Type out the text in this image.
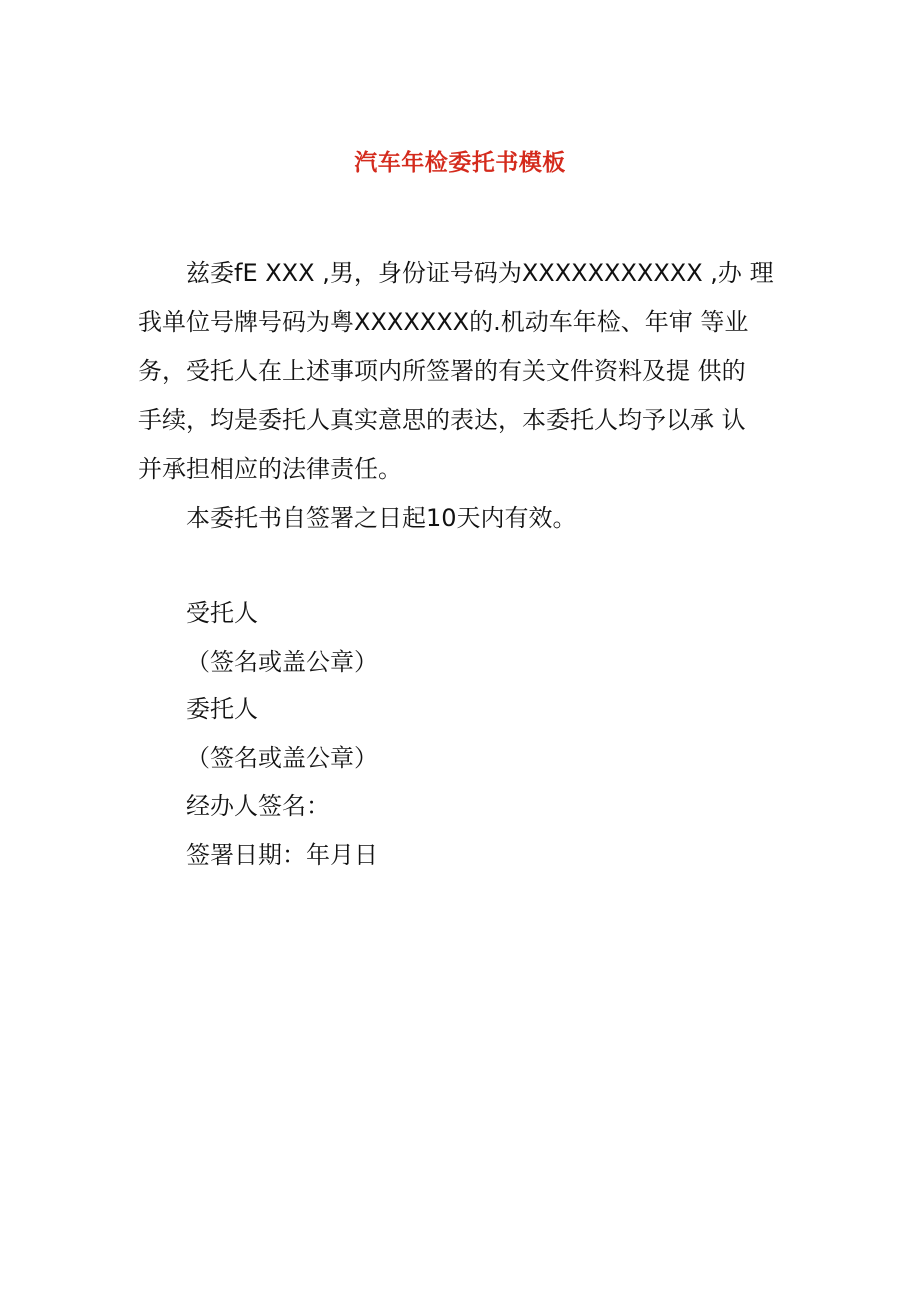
汽车年检委托书模板
兹委fE XXX ,男，身份证号码为XXXXXXXXXXX ,办 理
我单位号牌号码为粤XXXXXXX的.机动车年检、年审 等业
务，受托人在上述事项内所签署的有关文件资料及提 供的
手续，均是委托人真实意思的表达，本委托人均予以承 认
并承担相应的法律责任。
本委托书自签署之日起10天内有效。
受托人
（签名或盖公章）
委托人
（签名或盖公章）
经办人签名：
签署日期：年月日
